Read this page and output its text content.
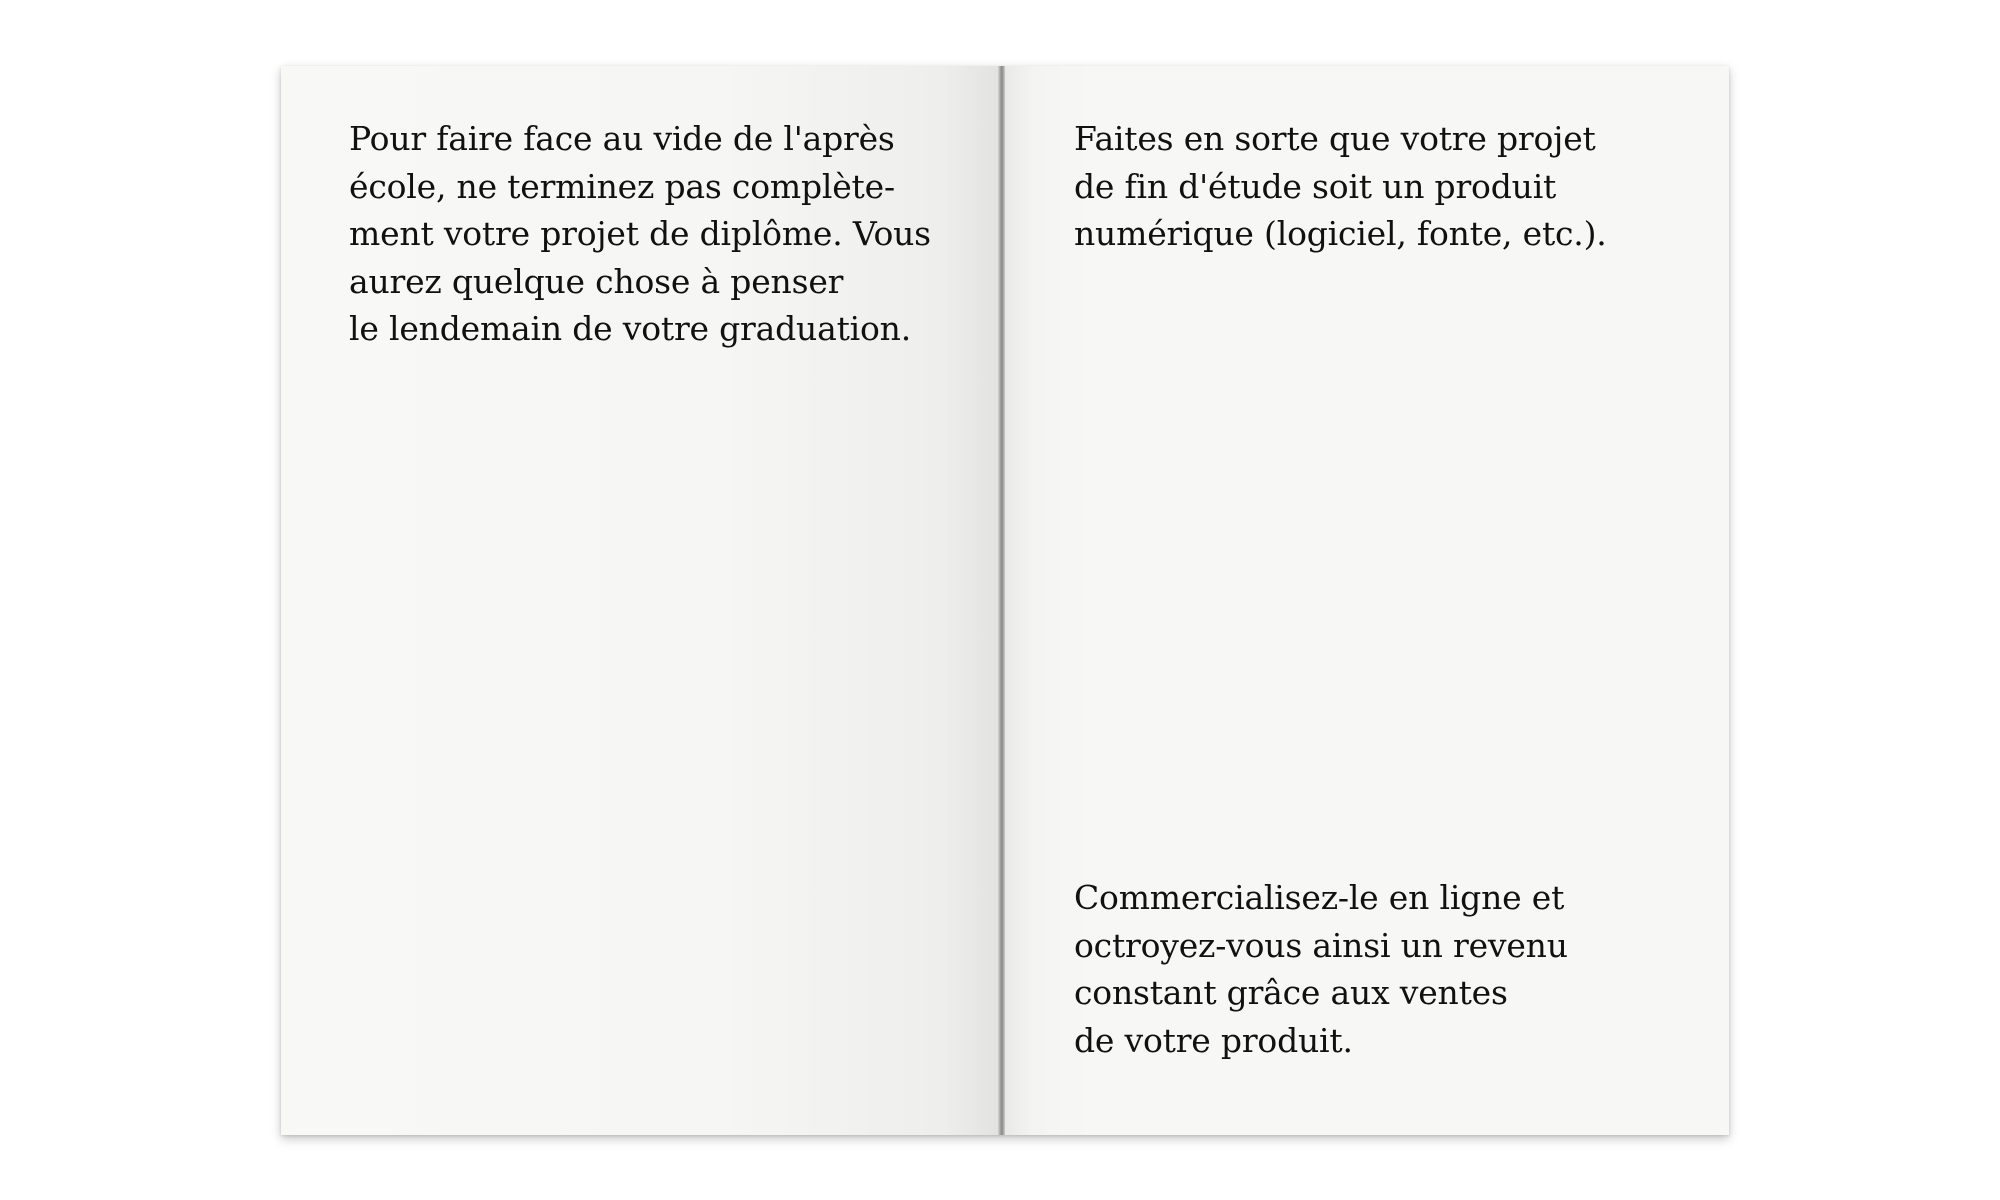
Pour faire face au vide de l'après
école, ne terminez pas complète-
ment votre projet de diplôme. Vous
aurez quelque chose à penser
le lendemain de votre graduation.
Faites en sorte que votre projet
de fin d'étude soit un produit
numérique (logiciel, fonte, etc.).
Commercialisez-le en ligne et
octroyez-vous ainsi un revenu
constant grâce aux ventes
de votre produit.
